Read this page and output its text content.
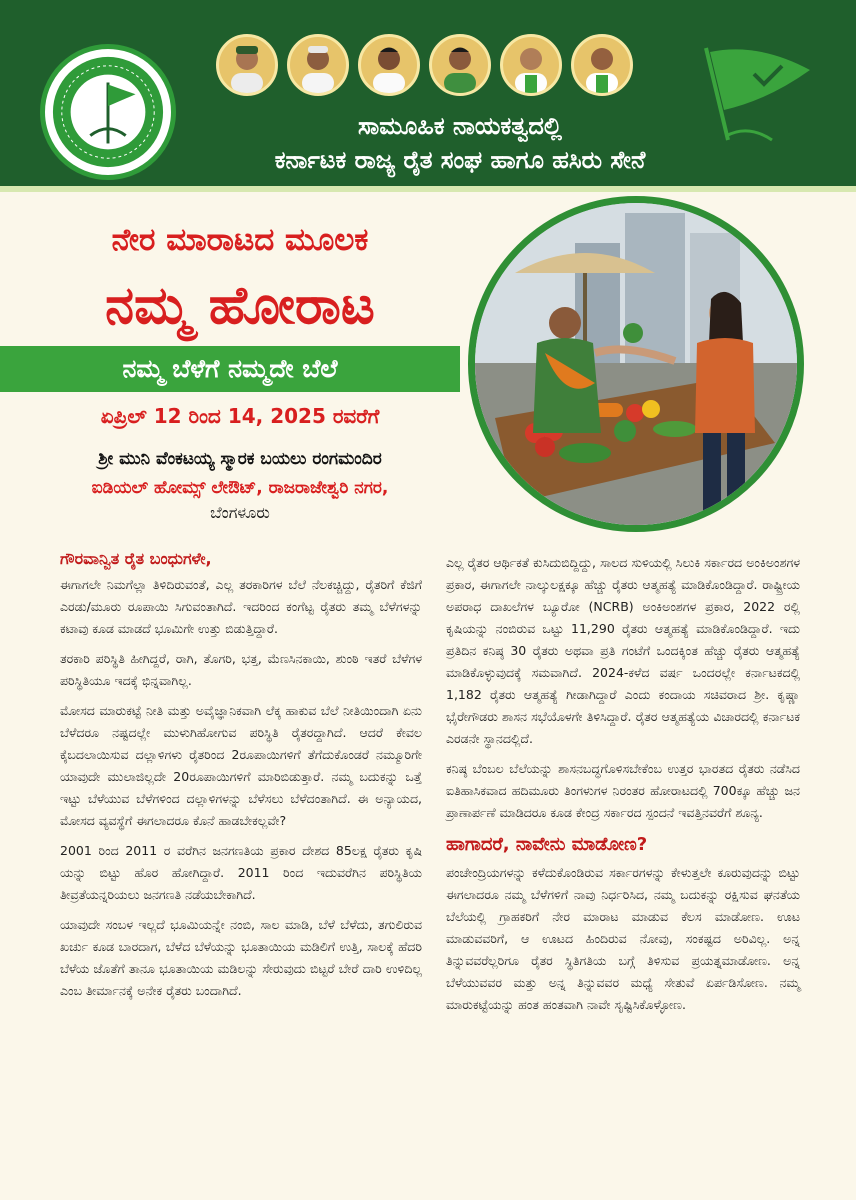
ಸಾಮೂಹಿಕ ನಾಯಕತ್ವದಲ್ಲಿ
ಕರ್ನಾಟಕ ರಾಜ್ಯ ರೈತ ಸಂಘ ಹಾಗೂ ಹಸಿರು ಸೇನೆ
ನೇರ ಮಾರಾಟದ ಮೂಲಕ
ನಮ್ಮ ಹೋರಾಟ
ನಮ್ಮ ಬೆಳೆಗೆ ನಮ್ಮದೇ ಬೆಲೆ
ಏಪ್ರಿಲ್ 12 ರಿಂದ 14, 2025 ರವರೆಗೆ
ಶ್ರೀ ಮುನಿ ವೆಂಕಟಯ್ಯ ಸ್ಮಾರಕ ಬಯಲು ರಂಗಮಂದಿರ
ಐಡಿಯಲ್ ಹೋಮ್ಸ್ ಲೇಔಟ್, ರಾಜರಾಜೇಶ್ವರಿ ನಗರ,
ಬೆಂಗಳೂರು
ಗೌರವಾನ್ವಿತ ರೈತ ಬಂಧುಗಳೇ,

ಈಗಾಗಲೇ ನಿಮಗೆಲ್ಲಾ ತಿಳಿದಿರುವಂತೆ, ಎಲ್ಲ ತರಕಾರಿಗಳ ಬೆಲೆ ನೆಲಕಚ್ಚಿದ್ದು, ರೈತರಿಗೆ ಕೆಜಿಗೆ ಎರಡು/ಮೂರು ರೂಪಾಯಿ ಸಿಗುವಂತಾಗಿದೆ. ಇದರಿಂದ ಕಂಗೆಟ್ಟ ರೈತರು ತಮ್ಮ ಬೆಳೆಗಳನ್ನು ಕಟಾವು ಕೂಡ ಮಾಡದೆ ಭೂಮಿಗೇ ಉತ್ತು ಬಿಡುತ್ತಿದ್ದಾರೆ.

ತರಕಾರಿ ಪರಿಸ್ಥಿತಿ ಹೀಗಿದ್ದರೆ, ರಾಗಿ, ತೊಗರಿ, ಭತ್ತ, ಮೆಣಸಿನಕಾಯಿ, ಶುಂಠಿ ಇತರೆ ಬೆಳೆಗಳ ಪರಿಸ್ಥಿತಿಯೂ ಇದಕ್ಕೆ ಭಿನ್ನವಾಗಿಲ್ಲ.

ಮೋಸದ ಮಾರುಕಟ್ಟೆ ನೀತಿ ಮತ್ತು ಅವೈಜ್ಞಾನಿಕವಾಗಿ ಲೆಕ್ಕ ಹಾಕುವ ಬೆಲೆ ನೀತಿಯಿಂದಾಗಿ ಏನು ಬೆಳೆದರೂ ನಷ್ಟದಲ್ಲೇ ಮುಳುಗಿಹೋಗುವ ಪರಿಸ್ಥಿತಿ ರೈತರದ್ದಾಗಿದೆ. ಆದರೆ ಕೇವಲ ಕೈಬದಲಾಯಿಸುವ ದಲ್ಲಾಳಿಗಳು ರೈತರಿಂದ 2ರೂಪಾಯಿಗಳಿಗೆ ತೆಗೆದುಕೊಂಡರೆ ನಮ್ಮೂರಿಗೇ ಯಾವುದೇ ಮುಲಾಜಿಲ್ಲದೇ 20ರೂಪಾಯಿಗಳಿಗೆ ಮಾರಿಬಿಡುತ್ತಾರೆ. ನಮ್ಮ ಬದುಕನ್ನು ಒತ್ತೆ ಇಟ್ಟು ಬೆಳೆಯುವ ಬೆಳೆಗಳಿಂದ ದಲ್ಲಾಳಿಗಳನ್ನು ಬೆಳೆಸಲು ಬೆಳೆದಂತಾಗಿದೆ. ಈ ಅನ್ಯಾಯದ, ಮೋಸದ ವ್ಯವಸ್ಥೆಗೆ ಈಗಲಾದರೂ ಕೊನೆ ಹಾಡಬೇಕಲ್ಲವೇ?

2001 ರಿಂದ 2011 ರ ವರೆಗಿನ ಜನಗಣತಿಯ ಪ್ರಕಾರ ದೇಶದ 85ಲಕ್ಷ ರೈತರು ಕೃಷಿ ಯನ್ನು ಬಿಟ್ಟು ಹೊರ ಹೋಗಿದ್ದಾರೆ. 2011 ರಿಂದ ಇದುವರೆಗಿನ ಪರಿಸ್ಥಿತಿಯ ತೀವ್ರತೆಯನ್ನರಿಯಲು ಜನಗಣತಿ ನಡೆಯಬೇಕಾಗಿದೆ.

ಯಾವುದೇ ಸಂಬಳ ಇಲ್ಲದೆ ಭೂಮಿಯನ್ನೇ ನಂಬಿ, ಸಾಲ ಮಾಡಿ, ಬೆಳೆ ಬೆಳೆದು, ತಗುಲಿರುವ ಖರ್ಚು ಕೂಡ ಬಾರದಾಗ, ಬೆಳೆದ ಬೆಳೆಯನ್ನು ಭೂತಾಯಿಯ ಮಡಿಲಿಗೆ ಉತ್ತಿ, ಸಾಲಕ್ಕೆ ಹೆದರಿ ಬೆಳೆಯ ಜೊತೆಗೆ ತಾನೂ ಭೂತಾಯಿಯ ಮಡಿಲನ್ನು ಸೇರುವುದು ಬಿಟ್ಟರೆ ಬೇರೆ ದಾರಿ ಉಳಿದಿಲ್ಲ ಎಂಬ ತೀರ್ಮಾನಕ್ಕೆ ಅನೇಕ ರೈತರು ಬಂದಾಗಿದೆ.

ಎಲ್ಲ ರೈತರ ಆರ್ಥಿಕತೆ ಕುಸಿದುಬಿದ್ದಿದ್ದು, ಸಾಲದ ಸುಳಿಯಲ್ಲಿ ಸಿಲುಕಿ ಸರ್ಕಾರದ ಅಂಕಿಅಂಶಗಳ ಪ್ರಕಾರ, ಈಗಾಗಲೇ ನಾಲ್ಕುಲಕ್ಷಕ್ಕೂ ಹೆಚ್ಚು ರೈತರು ಆತ್ಮಹತ್ಯೆ ಮಾಡಿಕೊಂಡಿದ್ದಾರೆ. ರಾಷ್ಟ್ರೀಯ ಅಪರಾಧ ದಾಖಲೆಗಳ ಬ್ಯೂರೋ (NCRB) ಅಂಕಿಅಂಶಗಳ ಪ್ರಕಾರ, 2022 ರಲ್ಲಿ ಕೃಷಿಯನ್ನು ನಂಬಿರುವ ಒಟ್ಟು 11,290 ರೈತರು ಆತ್ಮಹತ್ಯೆ ಮಾಡಿಕೊಂಡಿದ್ದಾರೆ. ಇದು ಪ್ರತಿದಿನ ಕನಿಷ್ಠ 30 ರೈತರು ಅಥವಾ ಪ್ರತಿ ಗಂಟೆಗೆ ಒಂದಕ್ಕಿಂತ ಹೆಚ್ಚು ರೈತರು ಆತ್ಮಹತ್ಯೆ ಮಾಡಿಕೊಳ್ಳುವುದಕ್ಕೆ ಸಮವಾಗಿದೆ. 2024-ಕಳೆದ ವರ್ಷ ಒಂದರಲ್ಲೇ ಕರ್ನಾಟಕದಲ್ಲಿ 1,182 ರೈತರು ಆತ್ಮಹತ್ಯೆ ಗೀಡಾಗಿದ್ದಾರೆ ಎಂದು ಕಂದಾಯ ಸಚಿವರಾದ ಶ್ರೀ. ಕೃಷ್ಣಾ ಭೈರೇಗೌಡರು ಶಾಸನ ಸಭೆಯೊಳಗೇ ತಿಳಿಸಿದ್ದಾರೆ. ರೈತರ ಆತ್ಮಹತ್ಯೆಯ ವಿಚಾರದಲ್ಲಿ ಕರ್ನಾಟಕ ಎರಡನೇ ಸ್ಥಾನದಲ್ಲಿದೆ.

ಕನಿಷ್ಠ ಬೆಂಬಲ ಬೆಲೆಯನ್ನು ಶಾಸನಬದ್ಧಗೊಳಿಸಬೇಕೆಂಬ ಉತ್ತರ ಭಾರತದ ರೈತರು ನಡೆಸಿದ ಐತಿಹಾಸಿಕವಾದ ಹದಿಮೂರು ತಿಂಗಳುಗಳ ನಿರಂತರ ಹೋರಾಟದಲ್ಲಿ 700ಕ್ಕೂ ಹೆಚ್ಚು ಜನ ಪ್ರಾಣಾರ್ಪಣೆ ಮಾಡಿದರೂ ಕೂಡ ಕೇಂದ್ರ ಸರ್ಕಾರದ ಸ್ಪಂದನೆ ಇವತ್ತಿನವರೆಗೆ ಶೂನ್ಯ.

ಹಾಗಾದರೆ, ನಾವೇನು ಮಾಡೋಣ?

ಪಂಚೇಂದ್ರಿಯಗಳನ್ನು ಕಳೆದುಕೊಂಡಿರುವ ಸರ್ಕಾರಗಳನ್ನು ಕೇಳುತ್ತಲೇ ಕೂರುವುದನ್ನು ಬಿಟ್ಟು ಈಗಲಾದರೂ ನಮ್ಮ ಬೆಳೆಗಳಿಗೆ ನಾವು ನಿರ್ಧರಿಸಿದ, ನಮ್ಮ ಬದುಕನ್ನು ರಕ್ಷಿಸುವ ಘನತೆಯ ಬೆಲೆಯಲ್ಲಿ ಗ್ರಾಹಕರಿಗೆ ನೇರ ಮಾರಾಟ ಮಾಡುವ ಕೆಲಸ ಮಾಡೋಣ. ಊಟ ಮಾಡುವವರಿಗೆ, ಆ ಊಟದ ಹಿಂದಿರುವ ನೋವು, ಸಂಕಷ್ಟದ ಅರಿವಿಲ್ಲ. ಅನ್ನ ತಿನ್ನುವವರೆಲ್ಲರಿಗೂ ರೈತರ ಸ್ಥಿತಿಗತಿಯ ಬಗ್ಗೆ ತಿಳಿಸುವ ಪ್ರಯತ್ನಮಾಡೋಣ. ಅನ್ನ ಬೆಳೆಯುವವರ ಮತ್ತು ಅನ್ನ ತಿನ್ನುವವರ ಮಧ್ಯೆ ಸೇತುವೆ ಏರ್ಪಡಿಸೋಣ. ನಮ್ಮ ಮಾರುಕಟ್ಟೆಯನ್ನು ಹಂತ ಹಂತವಾಗಿ ನಾವೇ ಸೃಷ್ಟಿಸಿಕೊಳ್ಳೋಣ.
